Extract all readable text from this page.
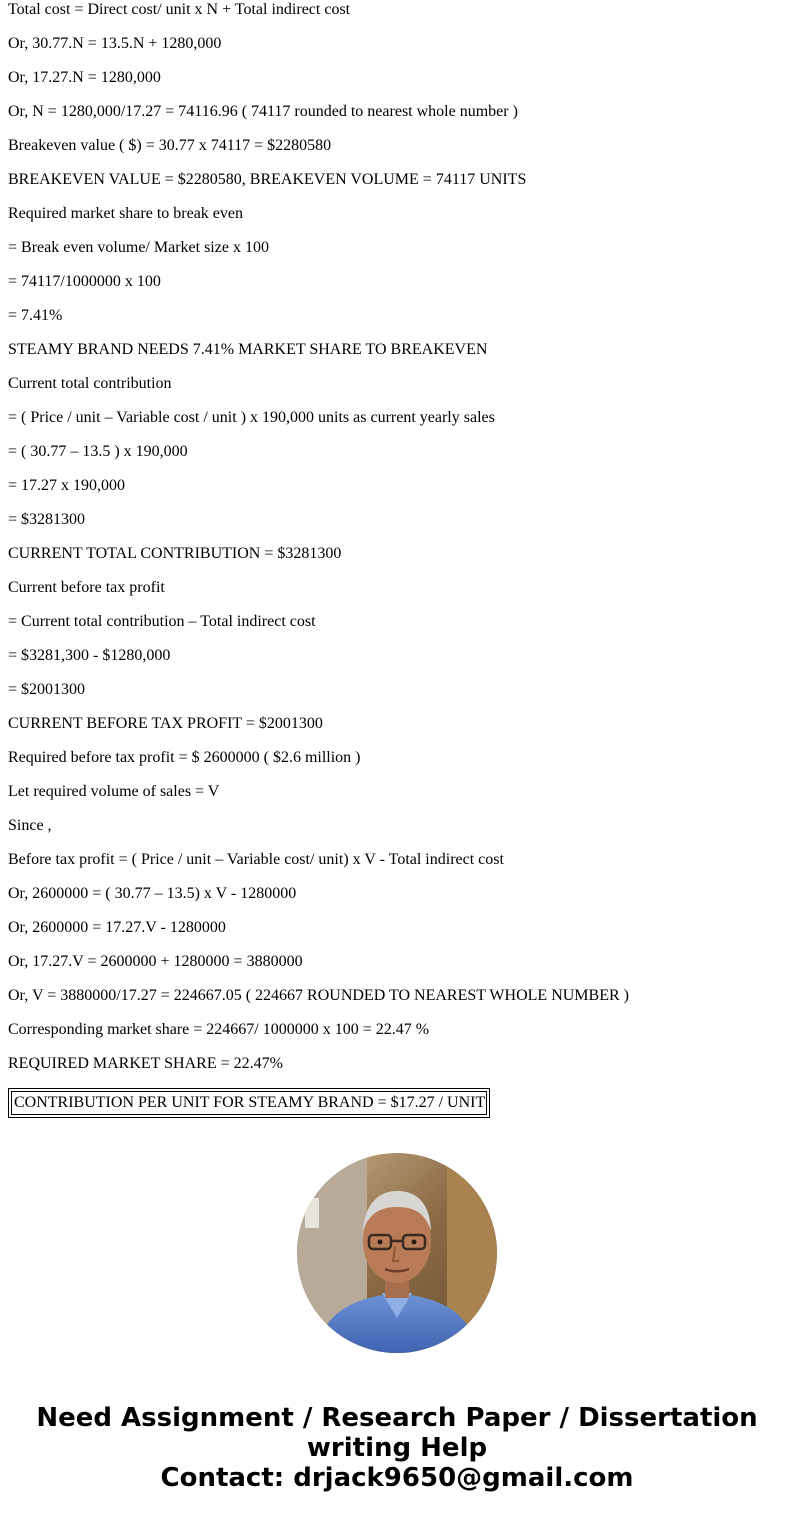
Total cost = Direct cost/ unit x N + Total indirect cost
Or, 30.77.N = 13.5.N + 1280,000
Or, 17.27.N = 1280,000
Or, N = 1280,000/17.27 = 74116.96 ( 74117 rounded to nearest whole number )
Breakeven value ( $) = 30.77 x 74117 = $2280580
BREAKEVEN VALUE = $2280580, BREAKEVEN VOLUME = 74117 UNITS
Required market share to break even
= Break even volume/ Market size x 100
= 74117/1000000 x 100
= 7.41%
STEAMY BRAND NEEDS 7.41% MARKET SHARE TO BREAKEVEN
Current total contribution
= ( Price / unit – Variable cost / unit ) x 190,000 units as current yearly sales
= ( 30.77 – 13.5 ) x 190,000
= 17.27 x 190,000
= $3281300
CURRENT TOTAL CONTRIBUTION = $3281300
Current before tax profit
= Current total contribution – Total indirect cost
= $3281,300 - $1280,000
= $2001300
CURRENT BEFORE TAX PROFIT = $2001300
Required before tax profit = $ 2600000 ( $2.6 million )
Let required volume of sales = V
Since ,
Before tax profit = ( Price / unit – Variable cost/ unit) x V - Total indirect cost
Or, 2600000 = ( 30.77 – 13.5) x V - 1280000
Or, 2600000 = 17.27.V - 1280000
Or, 17.27.V = 2600000 + 1280000 = 3880000
Or, V = 3880000/17.27 = 224667.05 ( 224667 ROUNDED TO NEAREST WHOLE NUMBER )
Corresponding market share = 224667/ 1000000 x 100 = 22.47 %
REQUIRED MARKET SHARE = 22.47%
CONTRIBUTION PER UNIT FOR STEAMY BRAND = $17.27 / UNIT
Need Assignment / Research Paper / Dissertation
writing Help
Contact: drjack9650@gmail.com
